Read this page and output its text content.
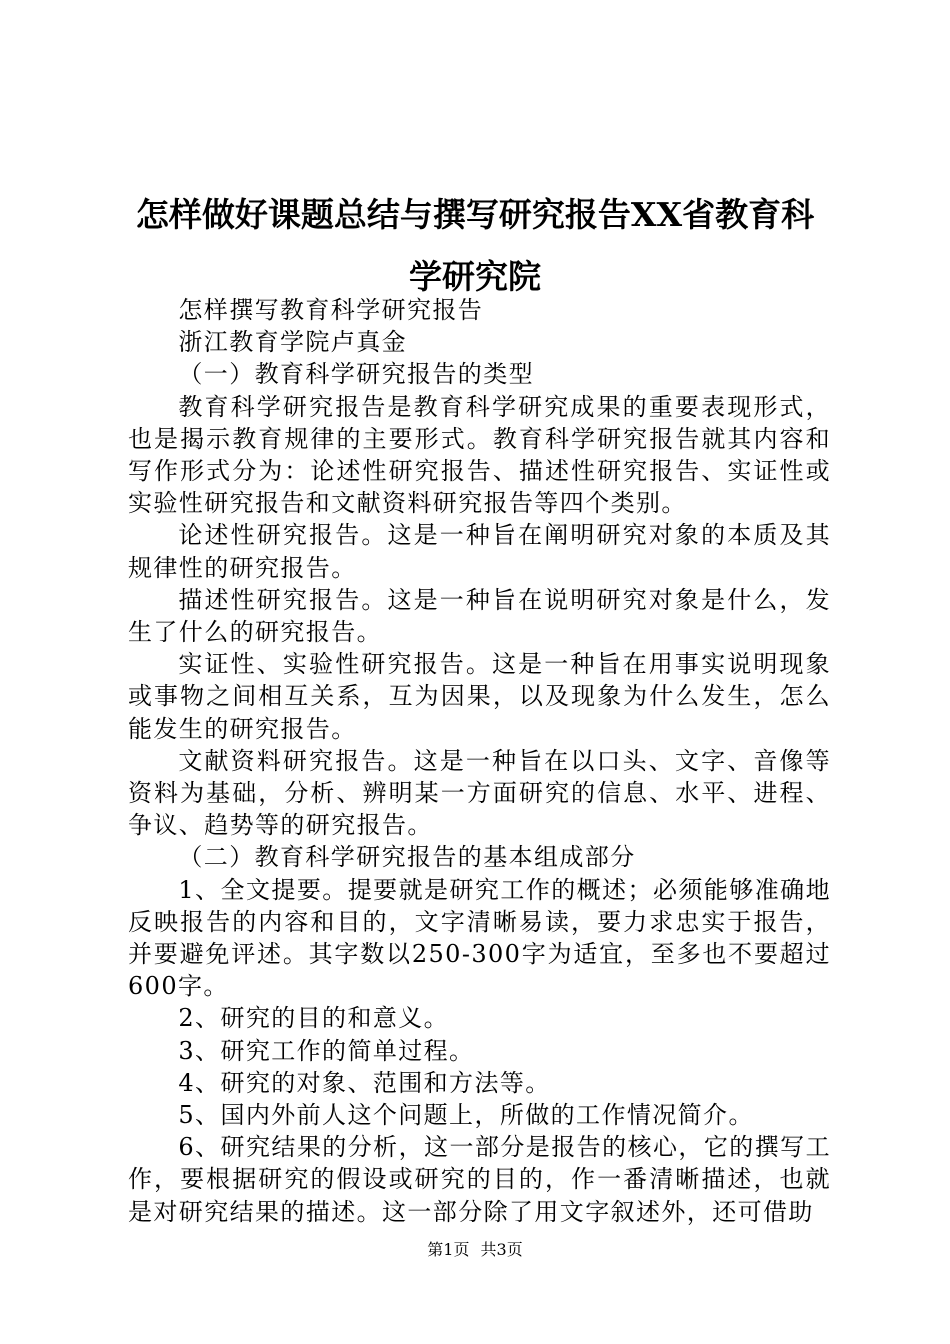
怎样做好课题总结与撰写研究报告XX省教育科学研究院

怎样撰写教育科学研究报告

浙江教育学院卢真金

（一）教育科学研究报告的类型

教育科学研究报告是教育科学研究成果的重要表现形式，也是揭示教育规律的主要形式。教育科学研究报告就其内容和写作形式分为：论述性研究报告、描述性研究报告、实证性或实验性研究报告和文献资料研究报告等四个类别。

论述性研究报告。这是一种旨在阐明研究对象的本质及其规律性的研究报告。

描述性研究报告。这是一种旨在说明研究对象是什么，发生了什么的研究报告。

实证性、实验性研究报告。这是一种旨在用事实说明现象或事物之间相互关系，互为因果，以及现象为什么发生，怎么能发生的研究报告。

文献资料研究报告。这是一种旨在以口头、文字、音像等资料为基础，分析、辨明某一方面研究的信息、水平、进程、争议、趋势等的研究报告。

（二）教育科学研究报告的基本组成部分

1、全文提要。提要就是研究工作的概述；必须能够准确地反映报告的内容和目的，文字清晰易读，要力求忠实于报告，并要避免评述。其字数以250-300字为适宜，至多也不要超过600字。

2、研究的目的和意义。

3、研究工作的简单过程。

4、研究的对象、范围和方法等。

5、国内外前人这个问题上，所做的工作情况简介。

6、研究结果的分析，这一部分是报告的核心，它的撰写工作，要根据研究的假设或研究的目的，作一番清晰描述，也就是对研究结果的描述。这一部分除了用文字叙述外，还可借助

第1页 共3页
